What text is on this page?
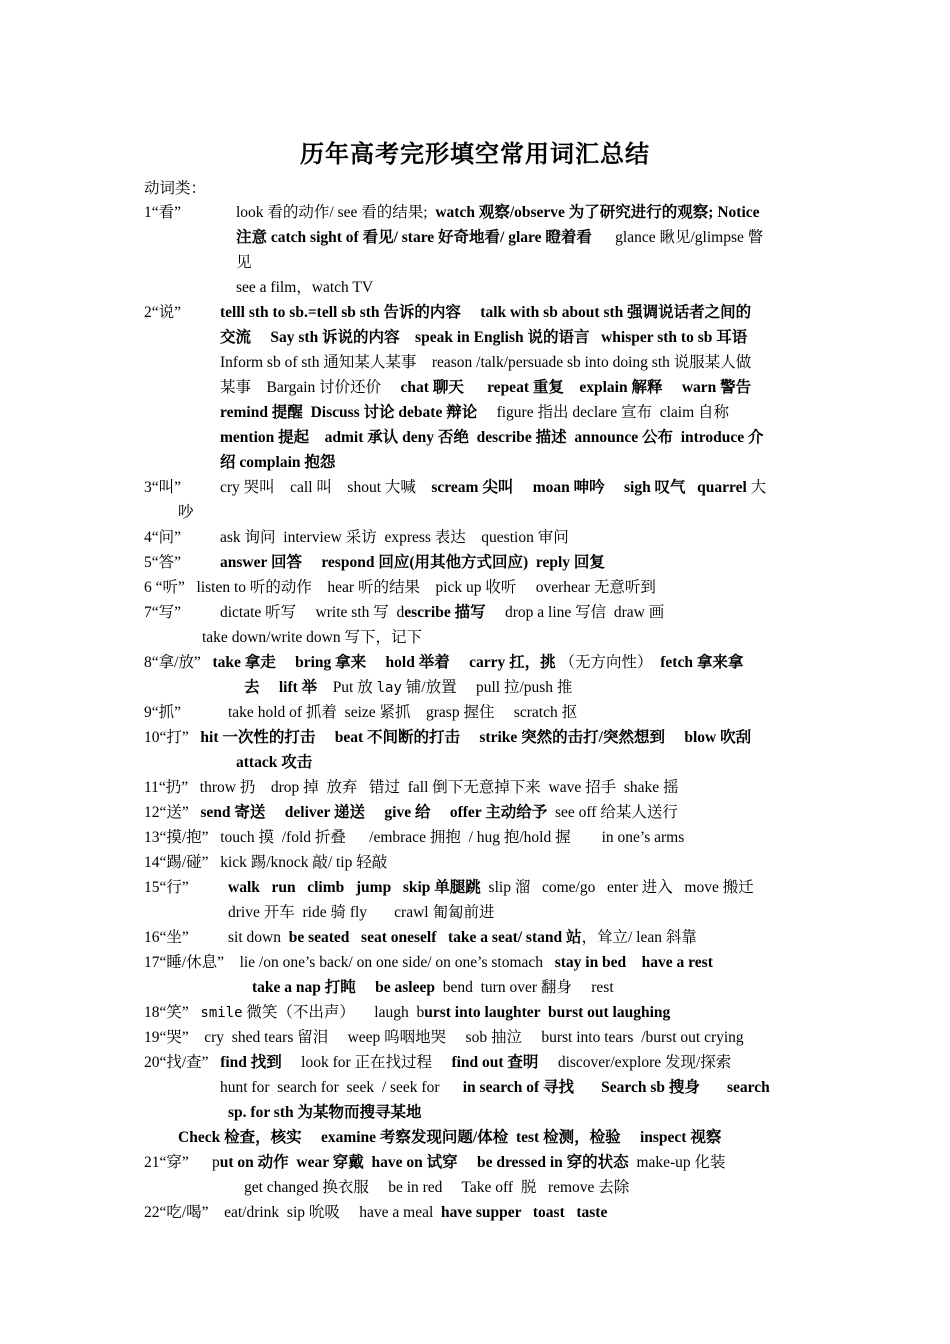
历年高考完形填空常用词汇总结
动词类：
1“看”	look 看的动作/ see 看的结果; watch 观察/observe 为了研究进行的观察; Notice
注意 catch sight of 看见/ stare 好奇地看/ glare 瞪着看      glance 瞅见/glimpse 瞥
见
see a film，watch TV
2“说”	telll sth to sb.=tell sb sth 告诉的内容     talk with sb about sth 强调说话者之间的
交流     Say sth 诉说的内容    speak in English 说的语言   whisper sth to sb 耳语
Inform sb of sth 通知某人某事    reason /talk/persuade sb into doing sth 说服某人做
某事    Bargain 讨价还价     chat 聊天      repeat 重复    explain 解释     warn 警告
remind 提醒  Discuss 讨论 debate 辩论     figure 指出 declare 宣布  claim 自称
mention 提起    admit 承认 deny 否绝  describe 描述  announce 公布  introduce 介
绍 complain 抱怨
3“叫”	cry 哭叫    call 叫    shout 大喊 scream 尖叫     moan 呻吟     sigh 叹气   quarrel 大
吵
4“问”	ask 询问  interview 采访  express 表达    question 审问
5“答”	answer 回答     respond 回应(用其他方式回应)  reply 回复
6 “听”   listen to 听的动作    hear 听的结果    pick up 收听     overhear 无意听到
7“写”	dictate 听写     write sth 写  d escribe 描写 drop a line 写信  draw 画
take down/write down 写下，记下
8“拿/放”   take 拿走     bring 拿来     hold 举着     carry 扛，挑 （无方向性）  fetch 拿来拿
去     lift 举    Put 放 lay 铺/放置     pull 拉/push 推
9“抓”	take hold of 抓着  seize 紧抓    grasp 握住     scratch 抠
10“打”   hit 一次性的打击     beat 不间断的打击     strike 突然的击打/突然想到     blow 吹刮
attack 攻击
11“扔”   throw 扔    drop 掉  放弃   错过  fall 倒下无意掉下来  wave 招手  shake 摇
12“送”   send 寄送     deliver 递送     give 给     offer 主动给予  see off 给某人送行
13“摸/抱”   touch 摸  /fold 折叠      /embrace 拥抱  / hug 抱/hold 握        in one’s arms
14“踢/碰”   kick 踢/knock 敲/ tip 轻敲
15“行”	walk   run   climb   jump   skip 单腿跳 slip 溜   come/go   enter 进入   move 搬迁
drive 开车  ride 骑 fly       crawl 匍匐前进
16“坐”	sit down be seated   seat oneself   take a seat/ stand 站 ，耸立/ lean 斜靠
17“睡/休息”    lie /on one’s back/ on one side/ on one’s stomach   stay in bed    have a rest
take a nap 打盹     be asleep  bend  turn over 翻身     rest
18“笑”   smile 微笑（不出声）     laugh  burst into laughter  burst out laughing
19“哭”    cry  shed tears 留泪     weep 呜咽地哭     sob 抽泣     burst into tears  /burst out crying
20“找/查”   find 找到     look for 正在找过程     find out 查明     discover/explore 发现/探索
hunt for  search for  seek  / seek for      in search of 寻找       Search sb 搜身       search
sp. for sth 为某物而搜寻某地
Check 检查，核实     examine 考察发现问题/体检  test 检测，检验     inspect 视察
21“穿”      put on 动作  wear 穿戴  have on 试穿     be dressed in 穿的状态  make-up 化装
get changed 换衣服     be in red     Take off  脱   remove 去除
22“吃/喝”    eat/drink  sip 吮吸     have a meal  have supper   toast   taste
